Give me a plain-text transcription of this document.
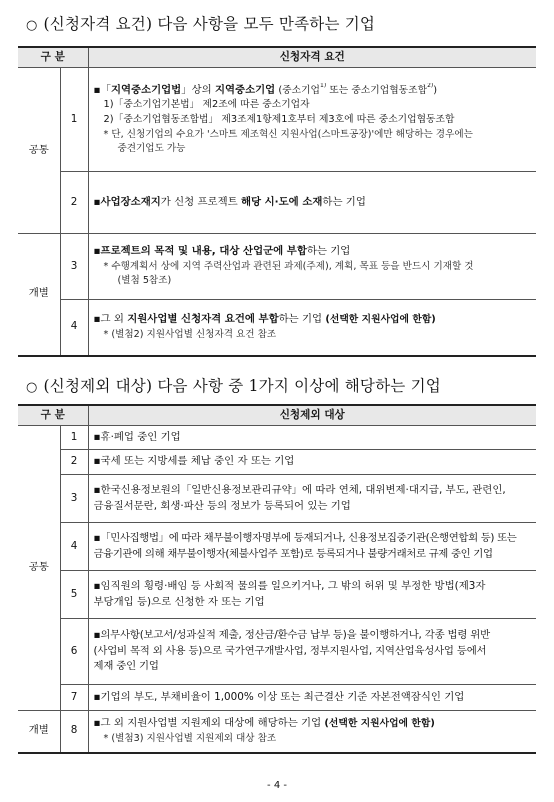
○ (신청자격 요건) 다음 사항을 모두 만족하는 기업
구 분		신청자격 요건
공통	1	▪「지역중소기업법」상의 지역중소기업 (중소기업$^{1)}$ 또는 중소기업협동조합$^{2)}$)
1)「중소기업기본법」 제2조에 따른 중소기업자
2)「중소기업협동조합법」 제3조제1항제1호부터 제3호에 따른 중소기업협동조합
* 단, 신청기업의 수요가 '스마트 제조혁신 지원사업(스마트공장)'에만 해당하는 경우에는
중견기업도 가능

	2	▪사업장소재지가 신청 프로젝트 해당 시·도에 소재하는 기업

개별	3	▪프로젝트의 목적 및 내용, 대상 산업군에 부합하는 기업
* 수행계획서 상에 지역 주력산업과 관련된 과제(주제), 계획, 목표 등을 반드시 기재할 것
(별첨 5참조)

	4	▪그 외 지원사업별 신청자격 요건에 부합하는 기업 (선택한 지원사업에 한함)
* (별첨2) 지원사업별 신청자격 요건 참조
○ (신청제외 대상) 다음 사항 중 1가지 이상에 해당하는 기업
구 분		신청제외 대상
공통	1	▪휴·폐업 중인 기업

	2	▪국세 또는 지방세를 체납 중인 자 또는 기업

	3	▪한국신용정보원의「일반신용정보관리규약」에 따라 연체, 대위변제·대지급, 부도, 관련인,
금융질서문란, 회생·파산 등의 정보가 등록되어 있는 기업

	4	▪「민사집행법」에 따라 채무불이행자명부에 등재되거나, 신용정보집중기관(은행연합회 등) 또는
금융기관에 의해 채무불이행자(체불사업주 포함)로 등록되거나 불량거래처로 규제 중인 기업

	5	▪임직원의 횡령·배임 등 사회적 물의를 일으키거나, 그 밖의 허위 및 부정한 방법(제3자
부당개입 등)으로 신청한 자 또는 기업

	6	▪의무사항(보고서/성과실적 제출, 정산금/환수금 납부 등)을 불이행하거나, 각종 법령 위반
(사업비 목적 외 사용 등)으로 국가연구개발사업, 정부지원사업, 지역산업육성사업 등에서
제재 중인 기업

	7	▪기업의 부도, 부채비율이 1,000% 이상 또는 최근결산 기준 자본전액잠식인 기업

개별	8	▪그 외 지원사업별 지원제외 대상에 해당하는 기업 (선택한 지원사업에 한함)
* (별첨3) 지원사업별 지원제외 대상 참조
- 4 -
